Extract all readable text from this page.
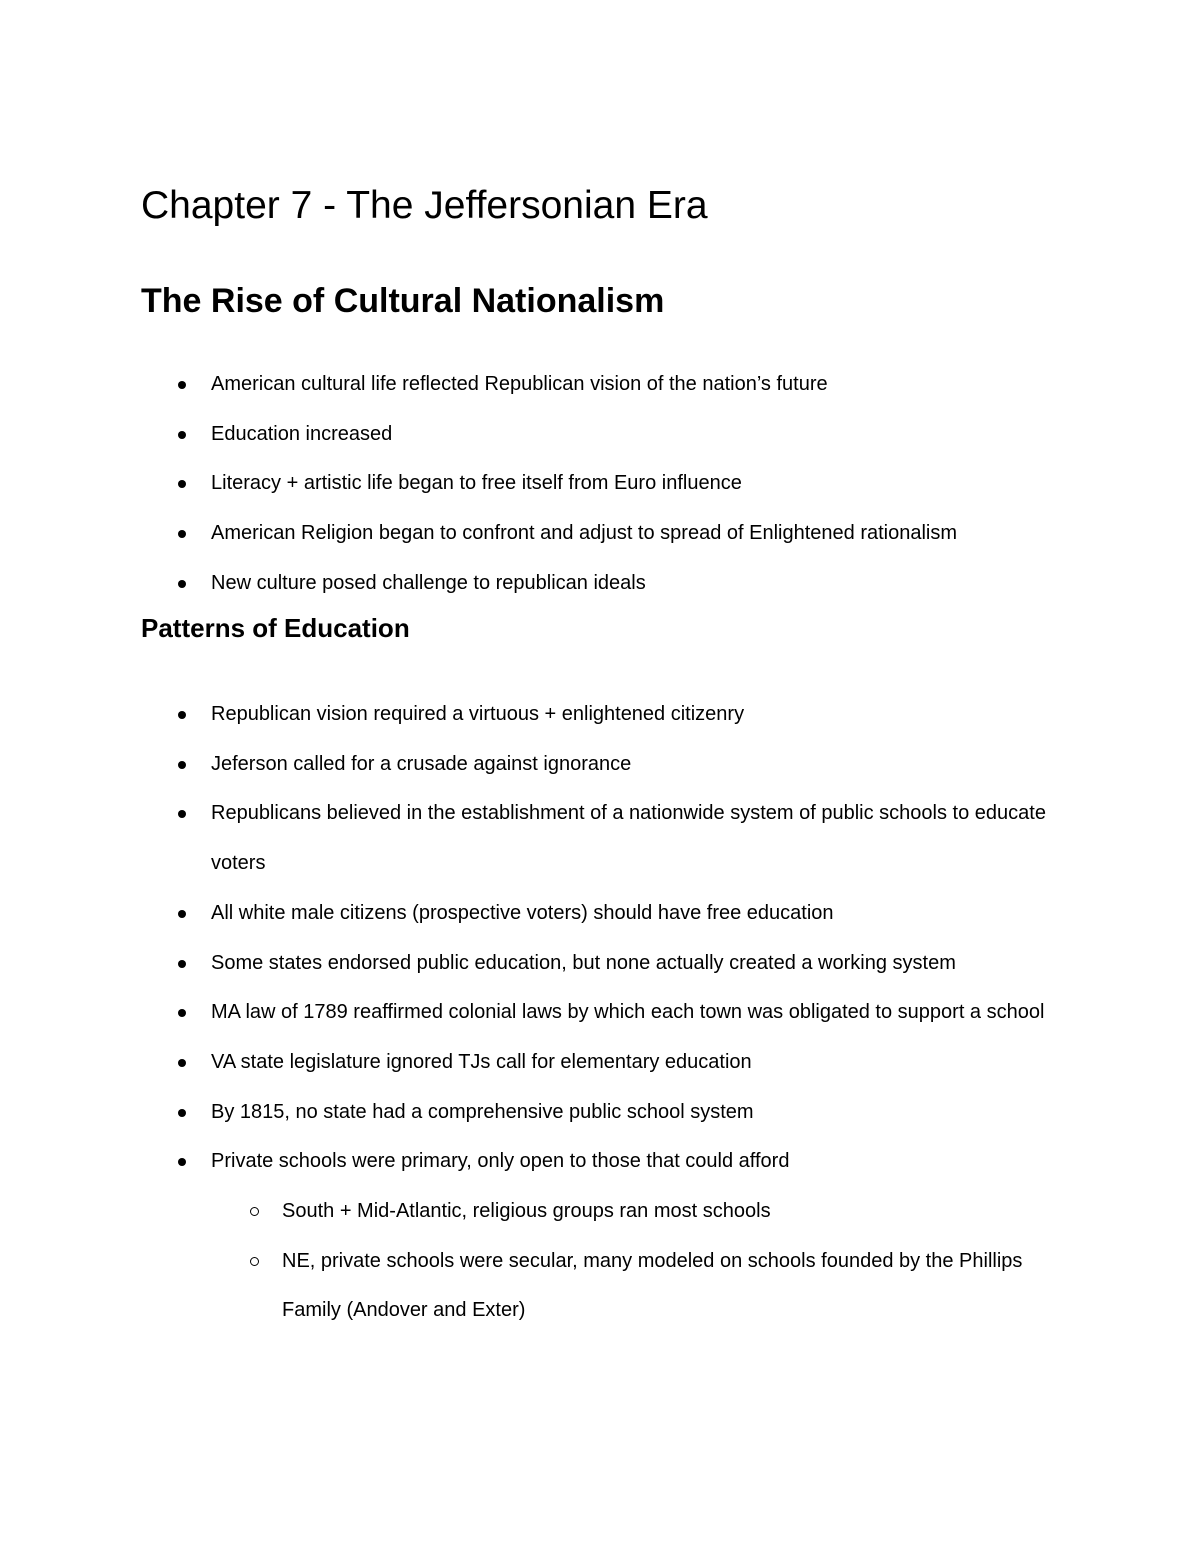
Chapter 7 - The Jeffersonian Era
The Rise of Cultural Nationalism
American cultural life reflected Republican vision of the nation’s future
Education increased
Literacy + artistic life began to free itself from Euro influence
American Religion began to confront and adjust to spread of Enlightened rationalism
New culture posed challenge to republican ideals
Patterns of Education
Republican vision required a virtuous + enlightened citizenry
Jeferson called for a crusade against ignorance
Republicans believed in the establishment of a nationwide system of public schools to educate voters
All white male citizens (prospective voters) should have free education
Some states endorsed public education, but none actually created a working system
MA law of 1789 reaffirmed colonial laws by which each town was obligated to support a school
VA state legislature ignored TJs call for elementary education
By 1815, no state had a comprehensive public school system
Private schools were primary, only open to those that could afford
South + Mid-Atlantic, religious groups ran most schools
NE, private schools were secular, many modeled on schools founded by the Phillips Family (Andover and Exter)
